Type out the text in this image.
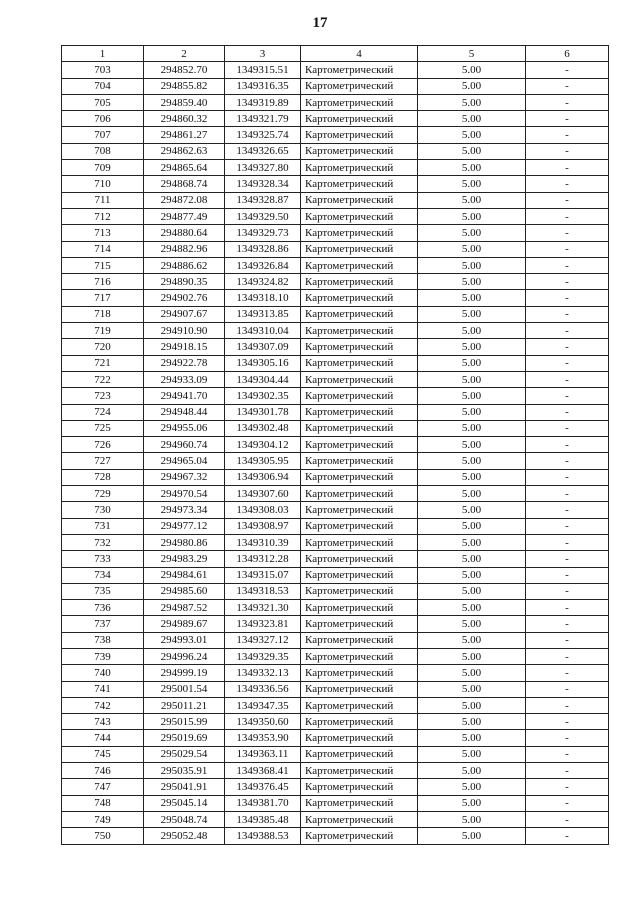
17
1	2	3	4	5	6
703	294852.70	1349315.51	Картометрический	5.00	-
704	294855.82	1349316.35	Картометрический	5.00	-
705	294859.40	1349319.89	Картометрический	5.00	-
706	294860.32	1349321.79	Картометрический	5.00	-
707	294861.27	1349325.74	Картометрический	5.00	-
708	294862.63	1349326.65	Картометрический	5.00	-
709	294865.64	1349327.80	Картометрический	5.00	-
710	294868.74	1349328.34	Картометрический	5.00	-
711	294872.08	1349328.87	Картометрический	5.00	-
712	294877.49	1349329.50	Картометрический	5.00	-
713	294880.64	1349329.73	Картометрический	5.00	-
714	294882.96	1349328.86	Картометрический	5.00	-
715	294886.62	1349326.84	Картометрический	5.00	-
716	294890.35	1349324.82	Картометрический	5.00	-
717	294902.76	1349318.10	Картометрический	5.00	-
718	294907.67	1349313.85	Картометрический	5.00	-
719	294910.90	1349310.04	Картометрический	5.00	-
720	294918.15	1349307.09	Картометрический	5.00	-
721	294922.78	1349305.16	Картометрический	5.00	-
722	294933.09	1349304.44	Картометрический	5.00	-
723	294941.70	1349302.35	Картометрический	5.00	-
724	294948.44	1349301.78	Картометрический	5.00	-
725	294955.06	1349302.48	Картометрический	5.00	-
726	294960.74	1349304.12	Картометрический	5.00	-
727	294965.04	1349305.95	Картометрический	5.00	-
728	294967.32	1349306.94	Картометрический	5.00	-
729	294970.54	1349307.60	Картометрический	5.00	-
730	294973.34	1349308.03	Картометрический	5.00	-
731	294977.12	1349308.97	Картометрический	5.00	-
732	294980.86	1349310.39	Картометрический	5.00	-
733	294983.29	1349312.28	Картометрический	5.00	-
734	294984.61	1349315.07	Картометрический	5.00	-
735	294985.60	1349318.53	Картометрический	5.00	-
736	294987.52	1349321.30	Картометрический	5.00	-
737	294989.67	1349323.81	Картометрический	5.00	-
738	294993.01	1349327.12	Картометрический	5.00	-
739	294996.24	1349329.35	Картометрический	5.00	-
740	294999.19	1349332.13	Картометрический	5.00	-
741	295001.54	1349336.56	Картометрический	5.00	-
742	295011.21	1349347.35	Картометрический	5.00	-
743	295015.99	1349350.60	Картометрический	5.00	-
744	295019.69	1349353.90	Картометрический	5.00	-
745	295029.54	1349363.11	Картометрический	5.00	-
746	295035.91	1349368.41	Картометрический	5.00	-
747	295041.91	1349376.45	Картометрический	5.00	-
748	295045.14	1349381.70	Картометрический	5.00	-
749	295048.74	1349385.48	Картометрический	5.00	-
750	295052.48	1349388.53	Картометрический	5.00	-
